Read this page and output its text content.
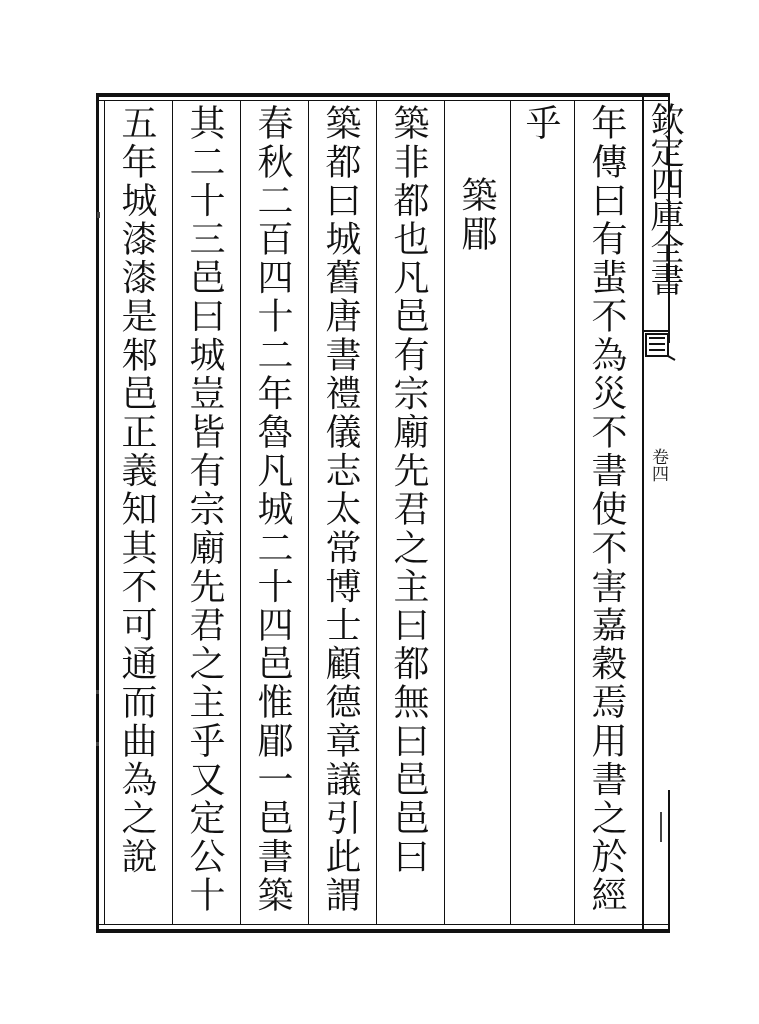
欽定四庫全書
卷四
年傳曰有蜚不為災不書使不害嘉穀焉用書之於經
乎
築郿
築非都也凡邑有宗廟先君之主曰都無曰邑邑曰
築都曰城舊唐書禮儀志太常博士顧德章議引此謂
春秋二百四十二年魯凡城二十四邑惟郿一邑書築
其二十三邑曰城豈皆有宗廟先君之主乎又定公十
五年城漆漆是邾邑正義知其不可通而曲為之說
